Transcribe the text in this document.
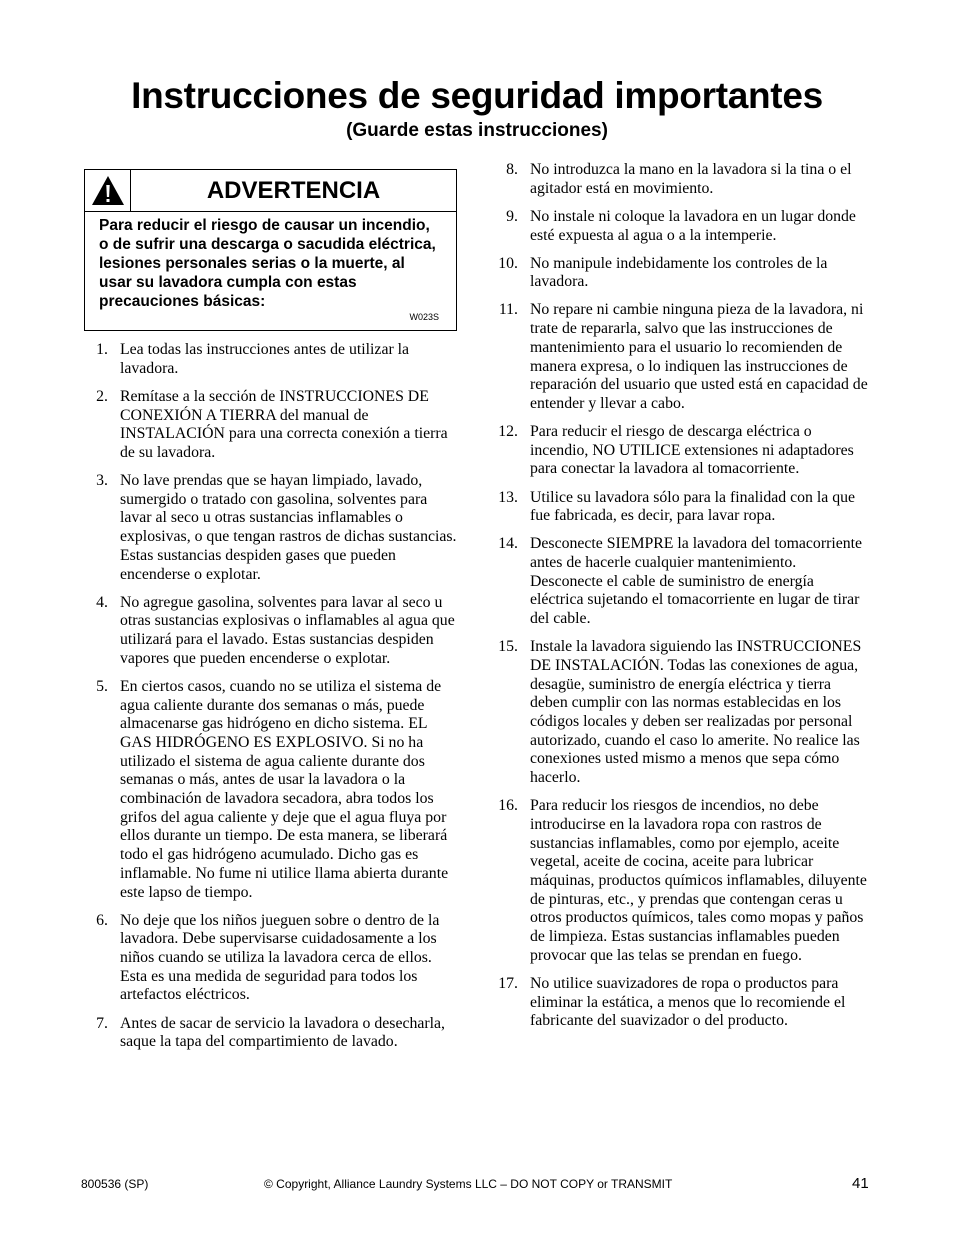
Instrucciones de seguridad importantes
(Guarde estas instrucciones)
ADVERTENCIA

Para reducir el riesgo de causar un incendio, o de sufrir una descarga o sacudida eléctrica, lesiones personales serias o la muerte, al usar su lavadora cumpla con estas precauciones básicas:

W023S
1. Lea todas las instrucciones antes de utilizar la lavadora.
2. Remítase a la sección de INSTRUCCIONES DE CONEXIÓN A TIERRA del manual de INSTALACIÓN para una correcta conexión a tierra de su lavadora.
3. No lave prendas que se hayan limpiado, lavado, sumergido o tratado con gasolina, solventes para lavar al seco u otras sustancias inflamables o explosivas, o que tengan rastros de dichas sustancias. Estas sustancias despiden gases que pueden encenderse o explotar.
4. No agregue gasolina, solventes para lavar al seco u otras sustancias explosivas o inflamables al agua que utilizará para el lavado. Estas sustancias despiden vapores que pueden encenderse o explotar.
5. En ciertos casos, cuando no se utiliza el sistema de agua caliente durante dos semanas o más, puede almacenarse gas hidrógeno en dicho sistema. EL GAS HIDRÓGENO ES EXPLOSIVO. Si no ha utilizado el sistema de agua caliente durante dos semanas o más, antes de usar la lavadora o la combinación de lavadora secadora, abra todos los grifos del agua caliente y deje que el agua fluya por ellos durante un tiempo. De esta manera, se liberará todo el gas hidrógeno acumulado. Dicho gas es inflamable. No fume ni utilice llama abierta durante este lapso de tiempo.
6. No deje que los niños jueguen sobre o dentro de la lavadora. Debe supervisarse cuidadosamente a los niños cuando se utiliza la lavadora cerca de ellos. Esta es una medida de seguridad para todos los artefactos eléctricos.
7. Antes de sacar de servicio la lavadora o desecharla, saque la tapa del compartimiento de lavado.
8. No introduzca la mano en la lavadora si la tina o el agitador está en movimiento.
9. No instale ni coloque la lavadora en un lugar donde esté expuesta al agua o a la intemperie.
10. No manipule indebidamente los controles de la lavadora.
11. No repare ni cambie ninguna pieza de la lavadora, ni trate de repararla, salvo que las instrucciones de mantenimiento para el usuario lo recomienden de manera expresa, o lo indiquen las instrucciones de reparación del usuario que usted está en capacidad de entender y llevar a cabo.
12. Para reducir el riesgo de descarga eléctrica o incendio, NO UTILICE extensiones ni adaptadores para conectar la lavadora al tomacorriente.
13. Utilice su lavadora sólo para la finalidad con la que fue fabricada, es decir, para lavar ropa.
14. Desconecte SIEMPRE la lavadora del tomacorriente antes de hacerle cualquier mantenimiento. Desconecte el cable de suministro de energía eléctrica sujetando el tomacorriente en lugar de tirar del cable.
15. Instale la lavadora siguiendo las INSTRUCCIONES DE INSTALACIÓN. Todas las conexiones de agua, desagüe, suministro de energía eléctrica y tierra deben cumplir con las normas establecidas en los códigos locales y deben ser realizadas por personal autorizado, cuando el caso lo amerite. No realice las conexiones usted mismo a menos que sepa cómo hacerlo.
16. Para reducir los riesgos de incendios, no debe introducirse en la lavadora ropa con rastros de sustancias inflamables, como por ejemplo, aceite vegetal, aceite de cocina, aceite para lubricar máquinas, productos químicos inflamables, diluyente de pinturas, etc., y prendas que contengan ceras u otros productos químicos, tales como mopas y paños de limpieza. Estas sustancias inflamables pueden provocar que las telas se prendan en fuego.
17. No utilice suavizadores de ropa o productos para eliminar la estática, a menos que lo recomiende el fabricante del suavizador o del producto.
800536 (SP)	© Copyright, Alliance Laundry Systems LLC – DO NOT COPY or TRANSMIT	41
